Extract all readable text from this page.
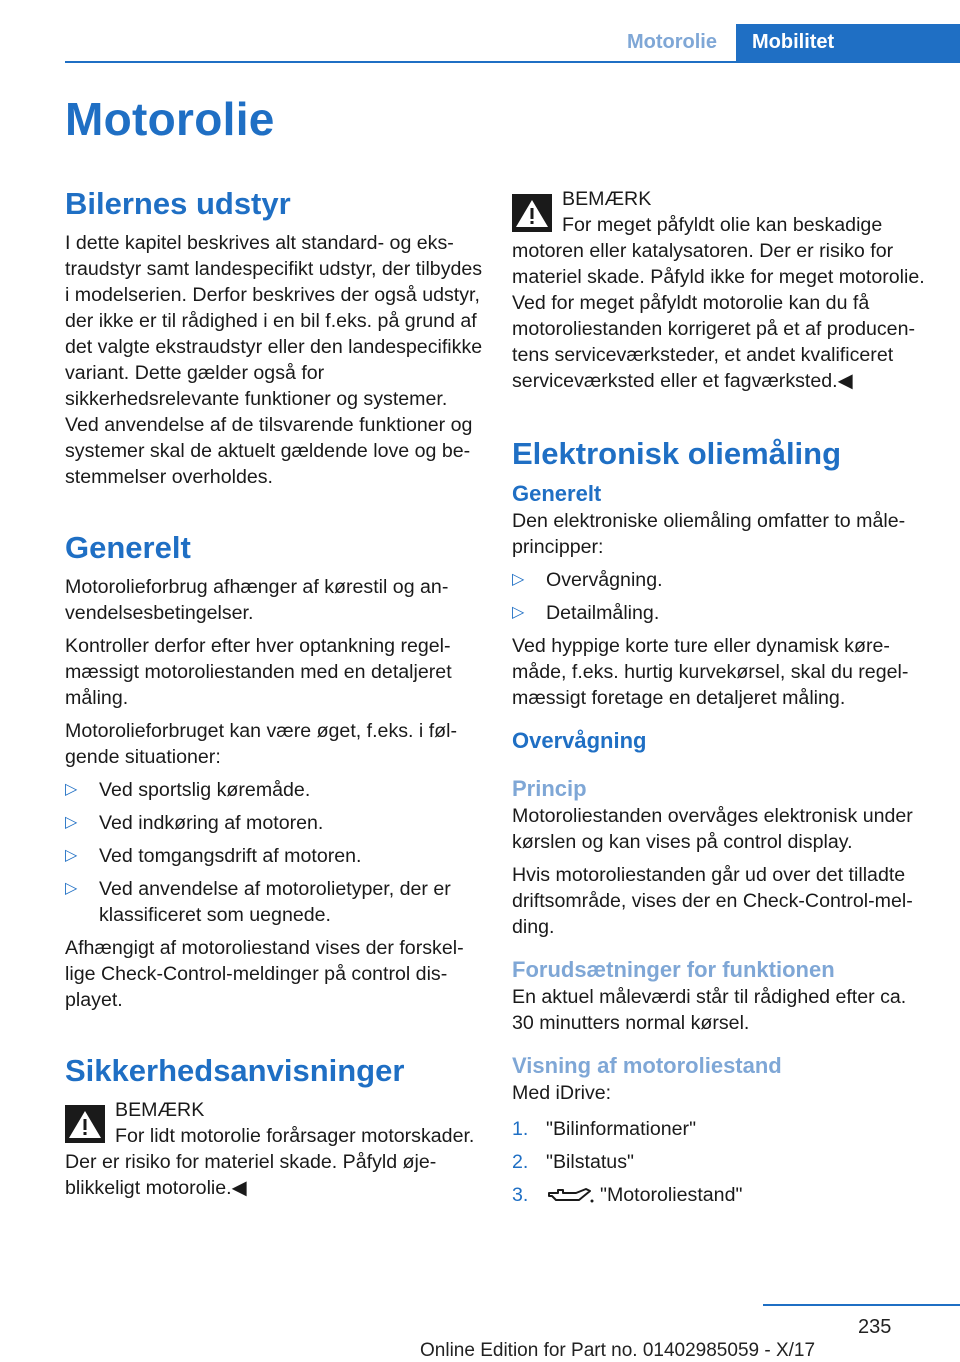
Motorolie	Mobilitet
Motorolie
Bilernes udstyr

I dette kapitel beskrives alt standard- og ekstraudstyr samt landespecifikt udstyr, der tilbydes i modelserien. Derfor beskrives der også udstyr, der ikke er til rådighed i en bil f.eks. på grund af det valgte ekstraudstyr eller den landespecifikke variant. Dette gælder også for sikkerhedsrelevante funktioner og systemer. Ved anvendelse af de tilsvarende funktioner og systemer skal de aktuelt gældende love og bestemmelser overholdes.

Generelt

Motorolieforbrug afhænger af kørestil og anvendelsesbetingelser.

Kontroller derfor efter hver optankning regelmæssigt motoroliestanden med en detaljeret måling.

Motorolieforbruget kan være øget, f.eks. i følgende situationer:

▷ Ved sportslig køremåde.
▷ Ved indkøring af motoren.
▷ Ved tomgangsdrift af motoren.
▷ Ved anvendelse af motorolietyper, der er klassificeret som uegnede.

Afhængigt af motoroliestand vises der forskellige Check-Control-meldinger på control displayet.

Sikkerhedsanvisninger
BEMÆRK
For lidt motorolie forårsager motorskader. Der er risiko for materiel skade. Påfyld øjeblikkeligt motorolie.◀
BEMÆRK
For meget påfyldt olie kan beskadige motoren eller katalysatoren. Der er risiko for materiel skade. Påfyld ikke for meget motorolie. Ved for meget påfyldt motorolie kan du få motoroliestanden korrigeret på et af producentens serviceværksteder, et andet kvalificeret serviceværksted eller et fagværksted.◀
Elektronisk oliemåling
Generelt

Den elektroniske oliemåling omfatter to måleprincipper:

▷ Overvågning.
▷ Detailmåling.

Ved hyppige korte ture eller dynamisk køremåde, f.eks. hurtig kurvekørsel, skal du regelmæssigt foretage en detaljeret måling.

Overvågning
Princip

Motoroliestanden overvåges elektronisk under kørslen og kan vises på control display.

Hvis motoroliestanden går ud over det tilladte driftsområde, vises der en Check-Control-melding.

Forudsætninger for funktionen

En aktuel måleværdi står til rådighed efter ca. 30 minutters normal kørsel.

Visning af motoroliestand

Med iDrive:

1. "Bilinformationer"
2. "Bilstatus"
3.	"Motoroliestand"
235
Online Edition for Part no. 01402985059 - X/17
